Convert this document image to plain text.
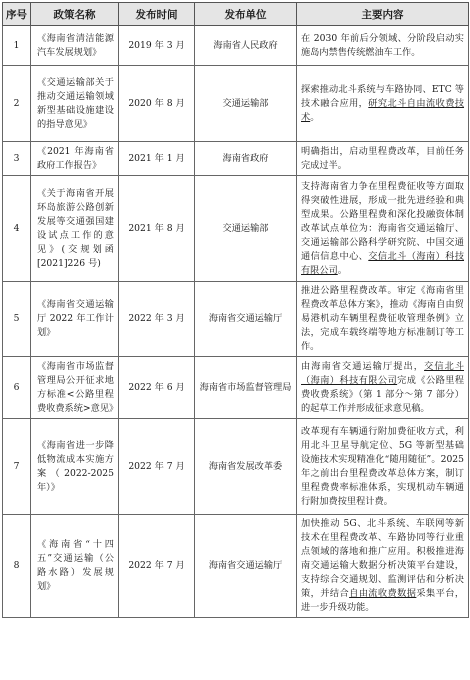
序号	政策名称	发布时间	发布单位	主要内容
1	《海南省清洁能源汽车发展规划》	2019 年 3 月	海南省人民政府	在 2030 年前后分领域、分阶段启动实施岛内禁售传统燃油车工作。
2	《交通运输部关于推动交通运输领域新型基础设施建设的指导意见》	2020 年 8 月	交通运输部	探索推动北斗系统与车路协同、ETC 等技术融合应用，研究北斗自由流收费技术。
3	《2021 年海南省政府工作报告》	2021 年 1 月	海南省政府	明确指出，启动里程费改革，目前任务完成过半。
4	《关于海南省开展环岛旅游公路创新发展等交通强国建设试点工作的意见》(交规划函 [2021]226 号)	2021 年 8 月	交通运输部	支持海南省力争在里程费征收等方面取得突破性进展，形成一批先进经验和典型成果。公路里程费和深化投融资体制改革试点单位为：海南省交通运输厅、交通运输部公路科学研究院、中国交通通信信息中心、交信北斗（海南）科技有限公司。
5	《海南省交通运输厅 2022 年工作计划》	2022 年 3 月	海南省交通运输厅	推进公路里程费改革。审定《海南省里程费改革总体方案》，推动《海南自由贸易港机动车辆里程费征收管理条例》立法，完成车载终端等地方标准制订等工作。
6	《海南省市场监督管理局公开征求地方标准<公路里程费收费系统>意见》	2022 年 6 月	海南省市场监督管理局	由海南省交通运输厅提出，交信北斗（海南）科技有限公司完成《公路里程费收费系统》（第 1 部分～第 7 部分）的起草工作并形成征求意见稿。
7	《海南省进一步降低物流成本实施方案（2022-2025 年）》	2022 年 7 月	海南省发展改革委	改革现有车辆通行附加费征收方式，利用北斗卫星导航定位、5G 等新型基础设施技术实现精准化“随用随征”。2025 年之前出台里程费改革总体方案，制订里程费费率标准体系，实现机动车辆通行附加费按里程计费。
8	《海南省“十四五”交通运输（公路水路）发展规划》	2022 年 7 月	海南省交通运输厅	加快推动 5G、北斗系统、车联网等新技术在里程费改革、车路协同等行业重点领域的落地和推广应用。积极推进海南交通运输大数据分析决策平台建设，支持综合交通规划、监测评估和分析决策，并结合自由流收费数据采集平台，进一步升级功能。
